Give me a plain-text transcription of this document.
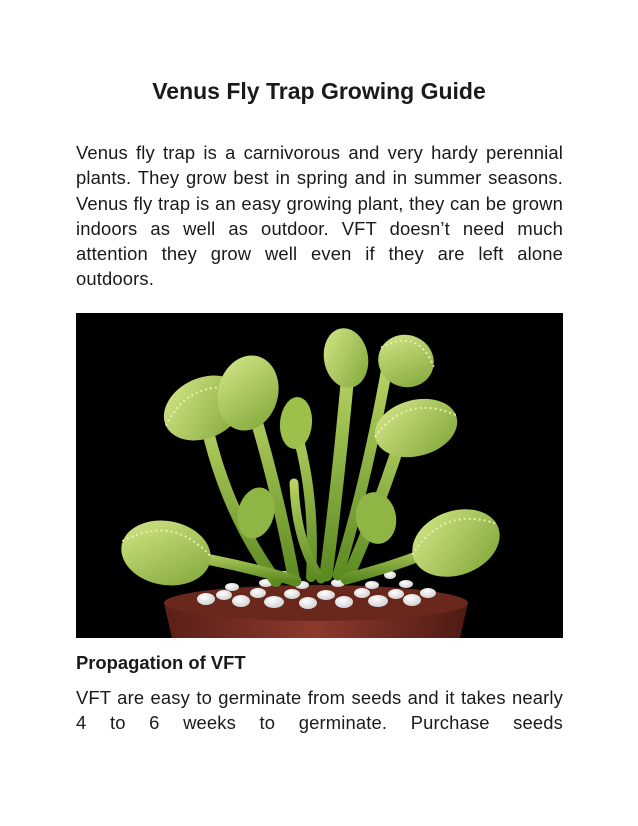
Venus Fly Trap Growing Guide

Venus fly trap is a carnivorous and very hardy perennial plants. They grow best in spring and in summer seasons. Venus fly trap is an easy growing plant, they can be grown indoors as well as outdoor. VFT doesn’t need much attention they grow well even if they are left alone outdoors.

Propagation of VFT

VFT are easy to germinate from seeds and it takes nearly 4 to 6 weeks to germinate. Purchase seeds
